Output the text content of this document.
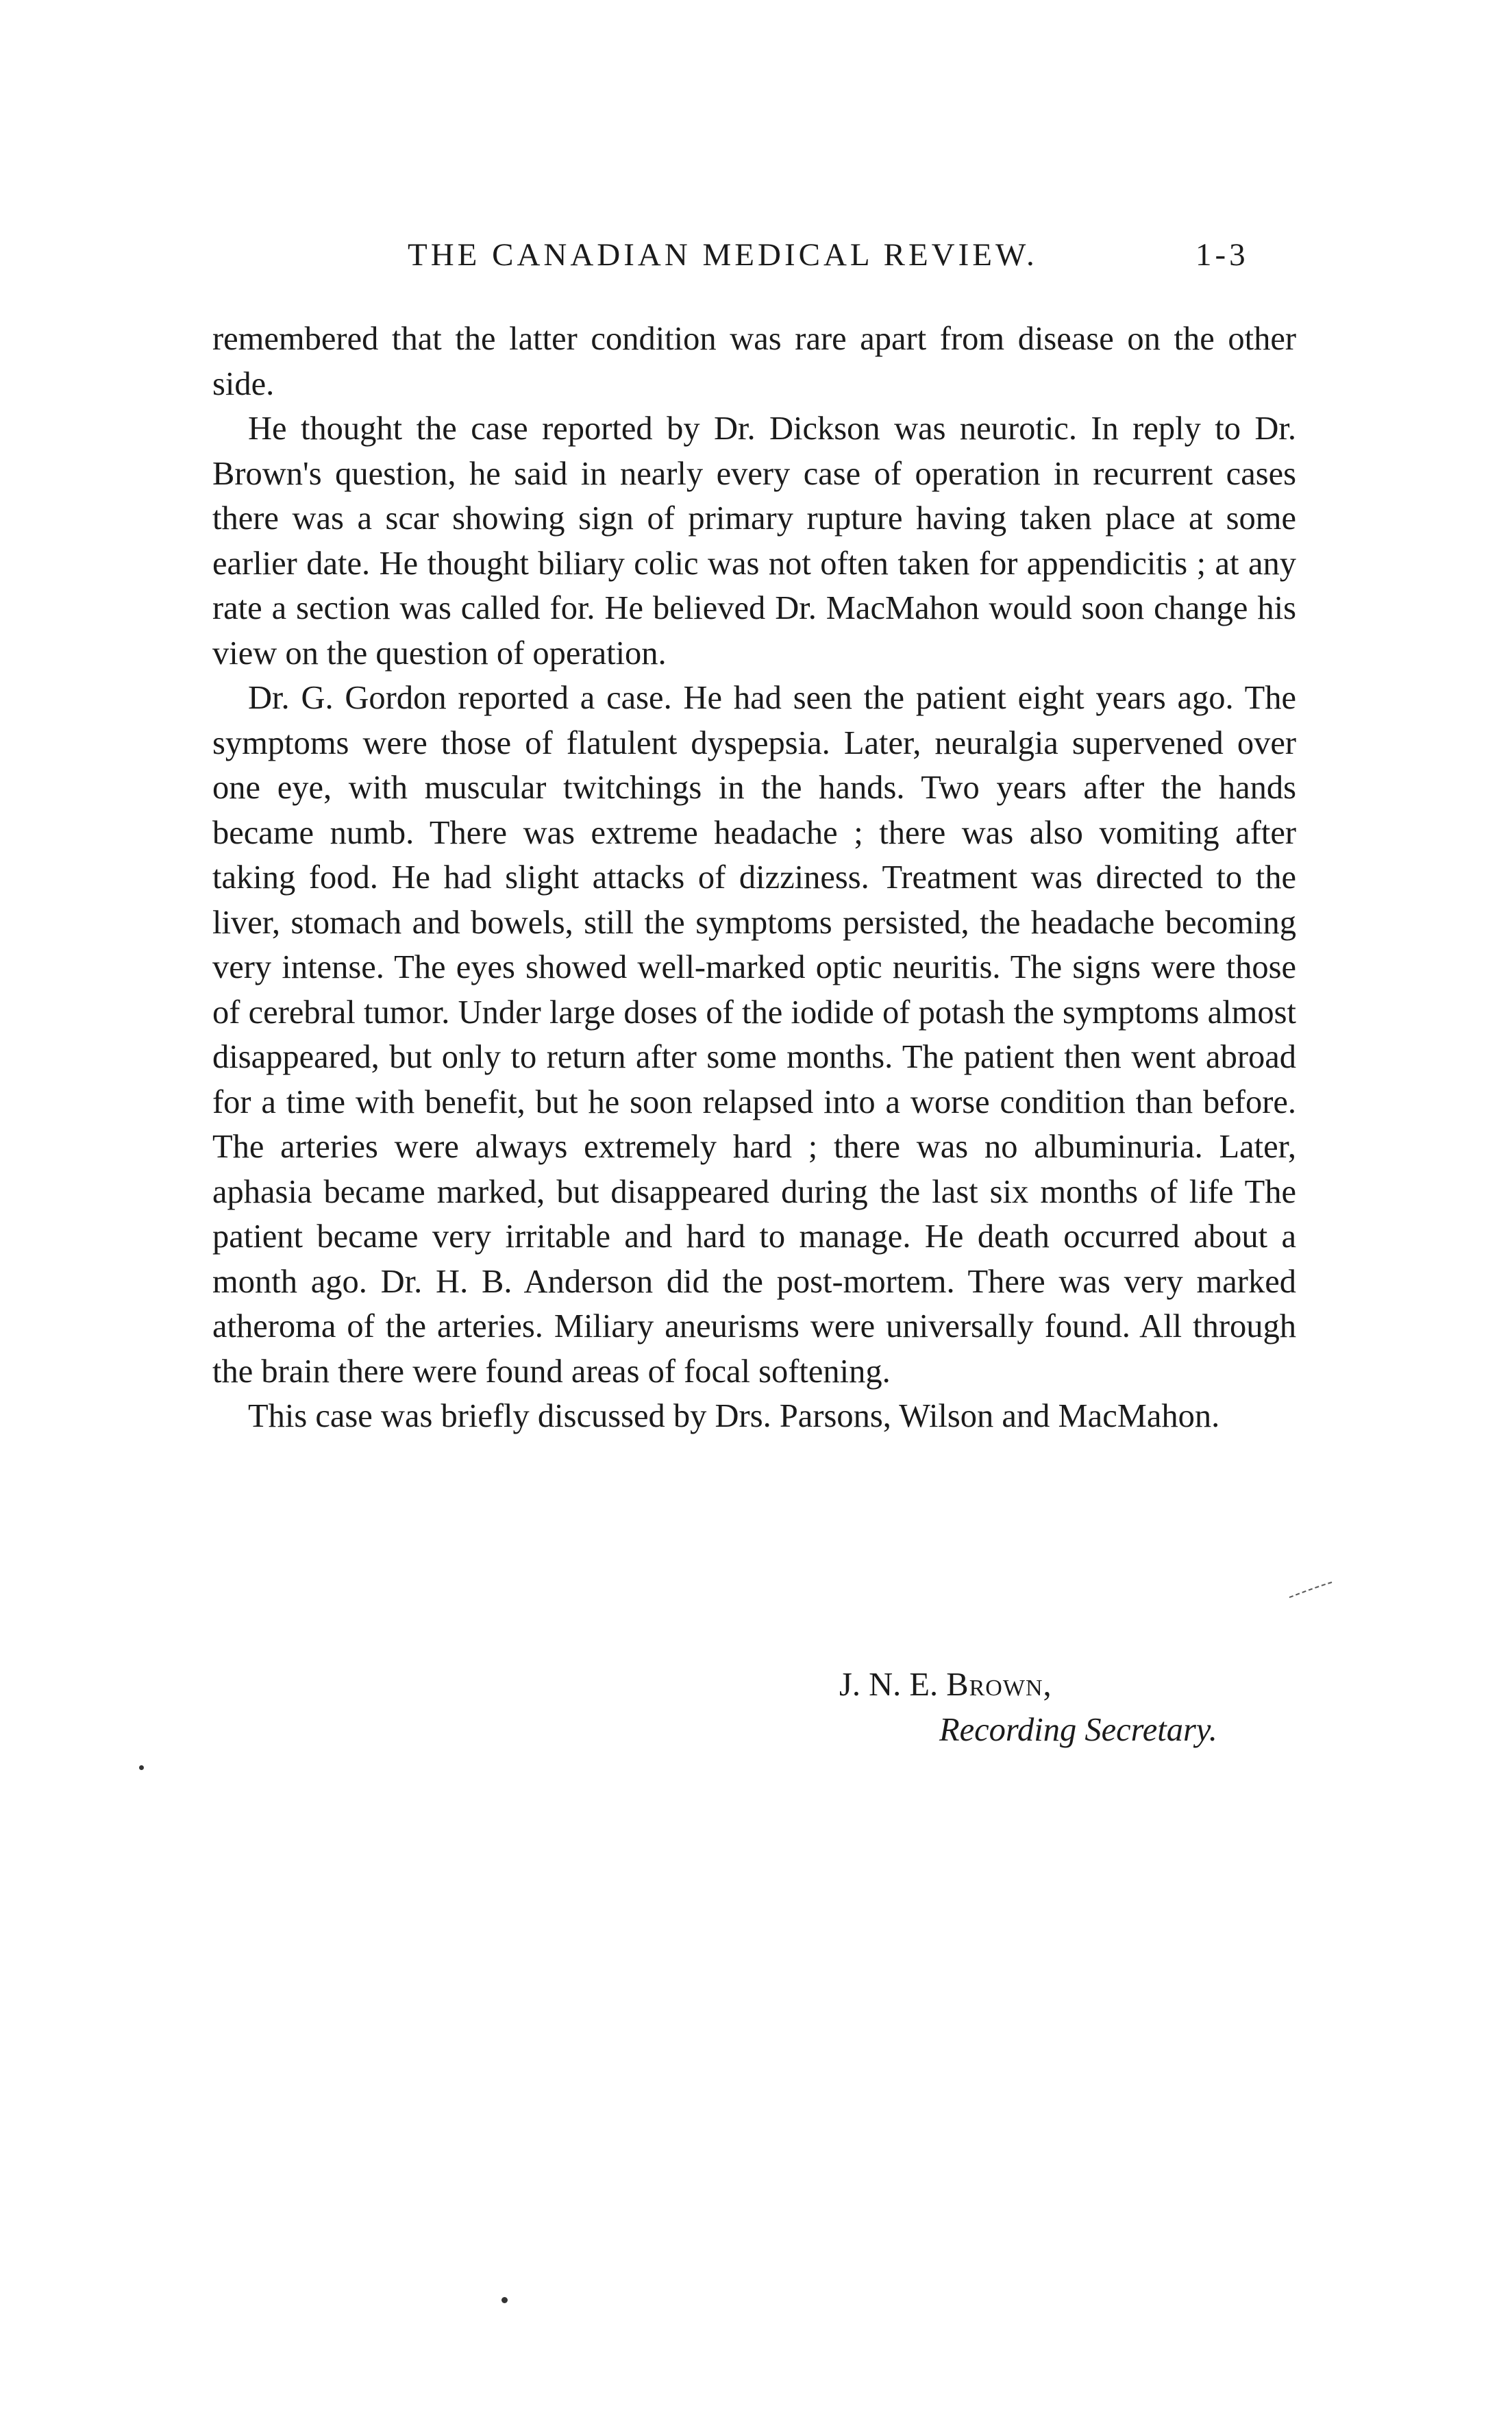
THE CANADIAN MEDICAL REVIEW.	1-3

remembered that the latter condition was rare apart from disease on the other side.

He thought the case reported by Dr. Dickson was neurotic. In reply to Dr. Brown's question, he said in nearly every case of operation in recurrent cases there was a scar showing sign of primary rupture having taken place at some earlier date. He thought biliary colic was not often taken for appendicitis ; at any rate a section was called for. He believed Dr. MacMahon would soon change his view on the question of operation.

Dr. G. Gordon reported a case. He had seen the patient eight years ago. The symptoms were those of flatulent dyspepsia. Later, neuralgia supervened over one eye, with muscular twitchings in the hands. Two years after the hands became numb. There was extreme headache ; there was also vomiting after taking food. He had slight attacks of dizziness. Treatment was directed to the liver, stomach and bowels, still the symptoms persisted, the headache becoming very intense. The eyes showed well-marked optic neuritis. The signs were those of cerebral tumor. Under large doses of the iodide of potash the symptoms almost disappeared, but only to return after some months. The patient then went abroad for a time with benefit, but he soon relapsed into a worse condition than before. The arteries were always extremely hard ; there was no albuminuria. Later, aphasia became marked, but disappeared during the last six months of life The patient became very irritable and hard to manage. He death occurred about a month ago. Dr. H. B. Anderson did the post-mortem. There was very marked atheroma of the arteries. Miliary aneurisms were universally found. All through the brain there were found areas of focal softening.

This case was briefly discussed by Drs. Parsons, Wilson and MacMahon.

J. N. E. Brown,
Recording Secretary.
